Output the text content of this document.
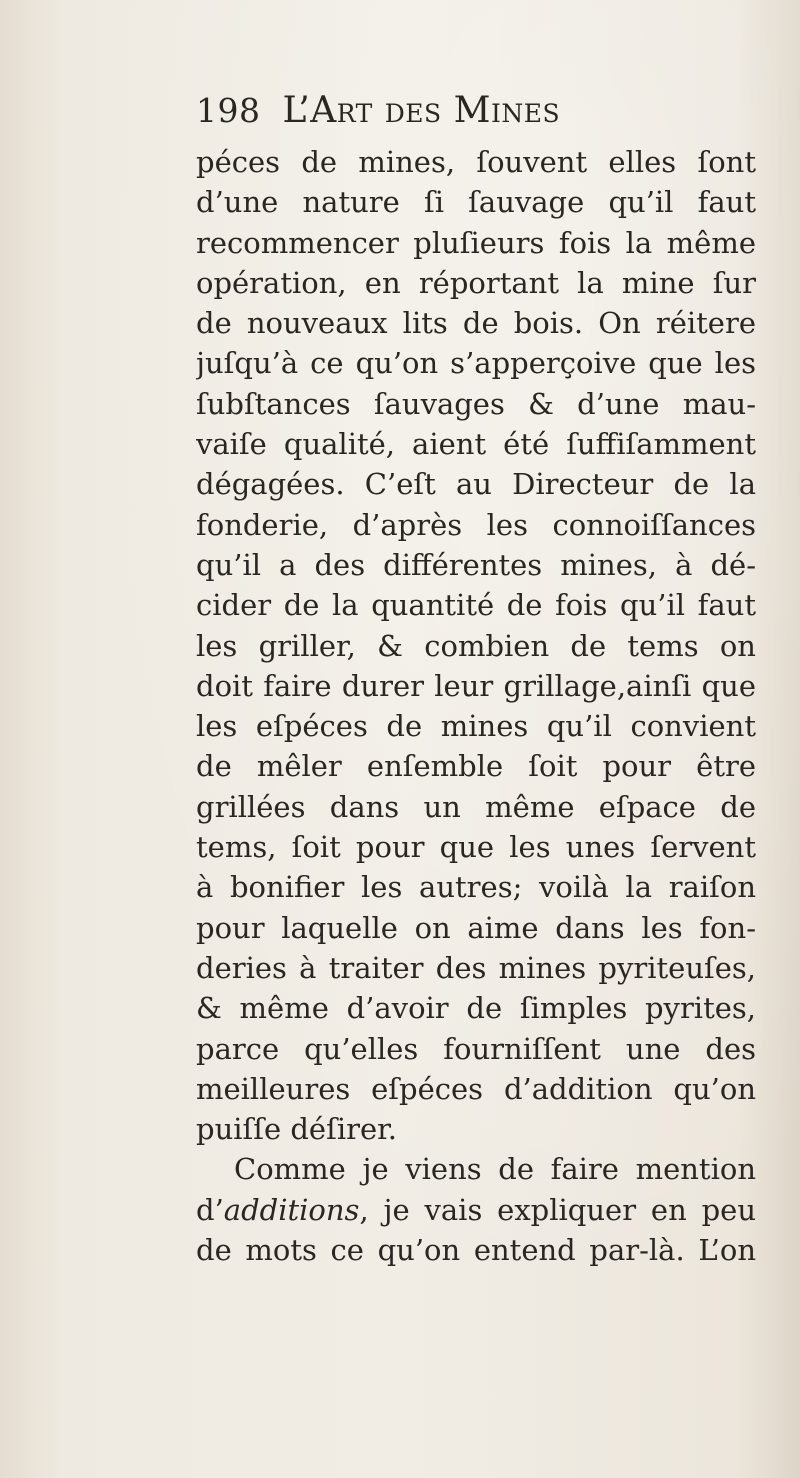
198 L’Art des Mines
péces de mines, ſouvent elles ſont
d’une nature ſi ſauvage qu’il faut
recommencer pluſieurs fois la même
opération, en réportant la mine ſur
de nouveaux lits de bois. On réitere
juſqu’à ce qu’on s’apperçoive que les
ſubſtances ſauvages & d’une mau-
vaiſe qualité, aient été ſuffiſamment
dégagées. C’eſt au Directeur de la
fonderie, d’après les connoiſſances
qu’il a des différentes mines, à dé-
cider de la quantité de fois qu’il faut
les griller, & combien de tems on
doit faire durer leur grillage,ainſi que
les eſpéces de mines qu’il convient
de mêler enſemble ſoit pour être
grillées dans un même eſpace de
tems, ſoit pour que les unes ſervent
à bonifier les autres; voilà la raiſon
pour laquelle on aime dans les fon-
deries à traiter des mines pyriteuſes,
& même d’avoir de ſimples pyrites,
parce qu’elles fourniſſent une des
meilleures eſpéces d’addition qu’on
puiſſe déſirer.
Comme je viens de faire mention
d’additions, je vais expliquer en peu
de mots ce qu’on entend par-là. L’on
